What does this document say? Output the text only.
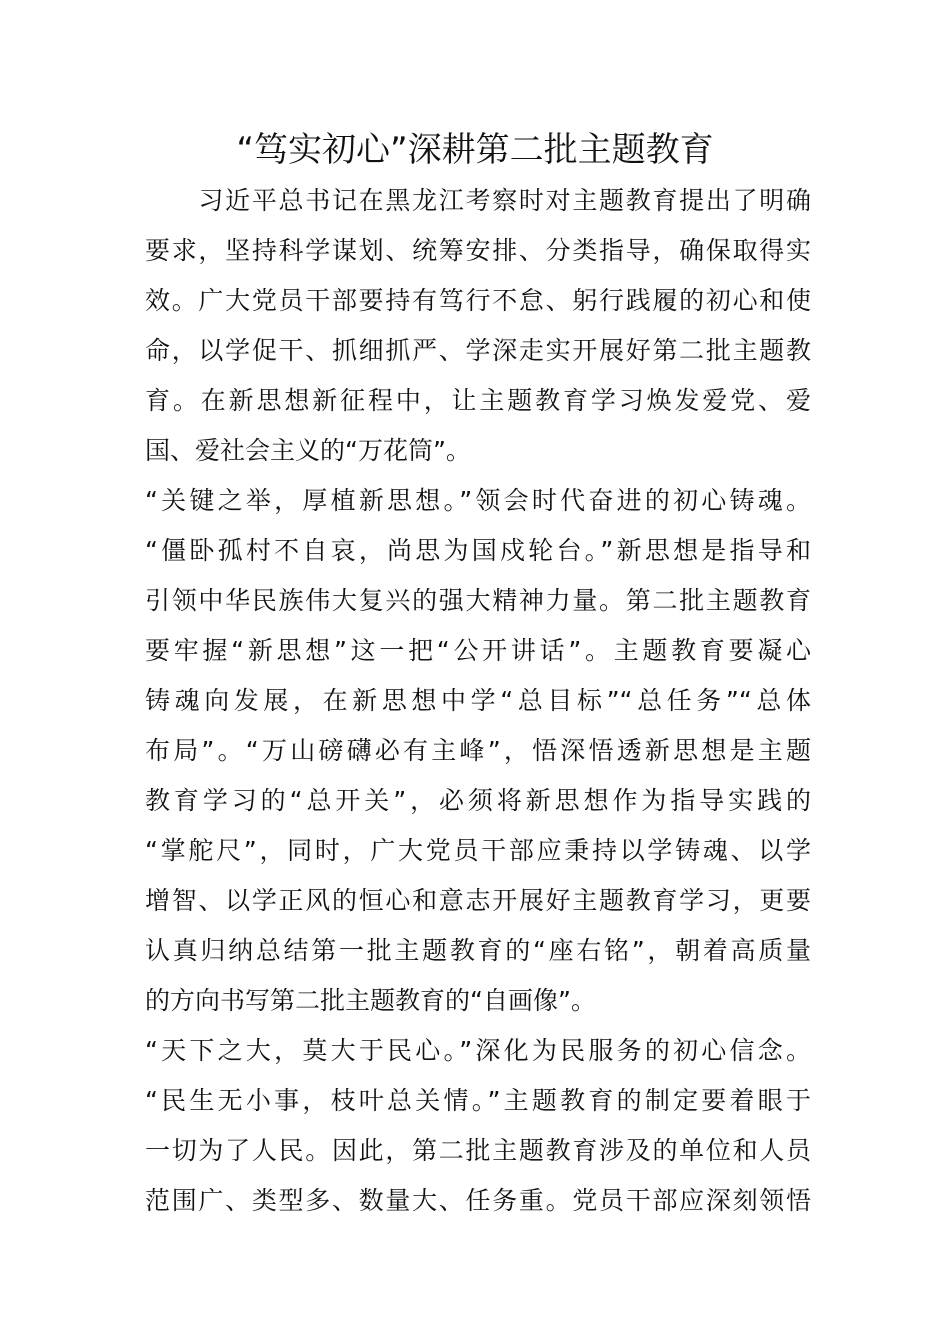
“笃实初心”深耕第二批主题教育
　　习近平总书记在黑龙江考察时对主题教育提出了明确
要求，坚持科学谋划、统筹安排、分类指导，确保取得实
效。广大党员干部要持有笃行不怠、躬行践履的初心和使
命，以学促干、抓细抓严、学深走实开展好第二批主题教
育。在新思想新征程中，让主题教育学习焕发爱党、爱
国、爱社会主义的“万花筒”。
“关键之举，厚植新思想。”领会时代奋进的初心铸魂。
“僵卧孤村不自哀，尚思为国戍轮台。”新思想是指导和
引领中华民族伟大复兴的强大精神力量。第二批主题教育
要牢握“新思想”这一把“公开讲话”。主题教育要凝心
铸魂向发展，在新思想中学“总目标”“总任务”“总体
布局”。“万山磅礴必有主峰”，悟深悟透新思想是主题
教育学习的“总开关”，必须将新思想作为指导实践的
“掌舵尺”，同时，广大党员干部应秉持以学铸魂、以学
增智、以学正风的恒心和意志开展好主题教育学习，更要
认真归纳总结第一批主题教育的“座右铭”，朝着高质量
的方向书写第二批主题教育的“自画像”。
“天下之大，莫大于民心。”深化为民服务的初心信念。
“民生无小事，枝叶总关情。”主题教育的制定要着眼于
一切为了人民。因此，第二批主题教育涉及的单位和人员
范围广、类型多、数量大、任务重。党员干部应深刻领悟
